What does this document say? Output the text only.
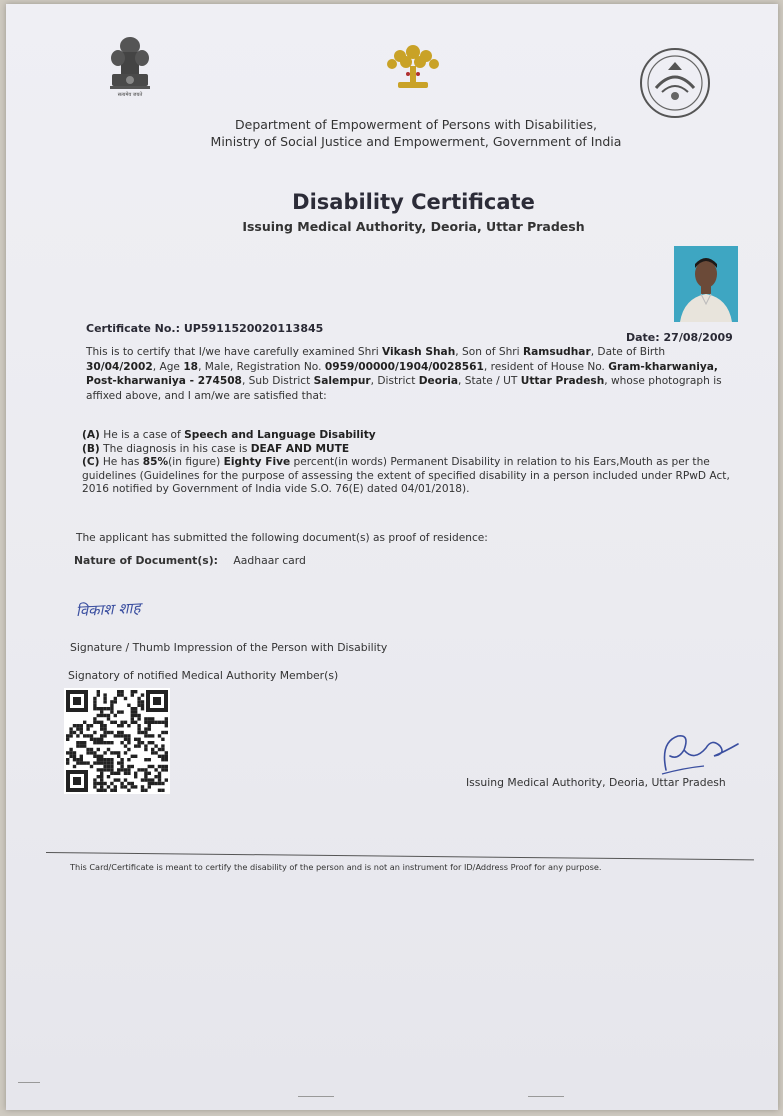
सत्यमेव जयते
Department of Empowerment of Persons with Disabilities,
Ministry of Social Justice and Empowerment, Government of India
Disability Certificate
Issuing Medical Authority, Deoria, Uttar Pradesh
Certificate No.: UP5911520020113845
Date: 27/08/2009
This is to certify that I/we have carefully examined Shri Vikash Shah, Son of Shri Ramsudhar, Date of Birth 30/04/2002, Age 18, Male, Registration No. 0959/00000/1904/0028561, resident of House No. Gram-kharwaniya, Post-kharwaniya - 274508, Sub District Salempur, District Deoria, State / UT Uttar Pradesh, whose photograph is affixed above, and I am/we are satisfied that:
(A) He is a case of Speech and Language Disability
(B) The diagnosis in his case is DEAF AND MUTE
(C) He has 85%(in figure) Eighty Five percent(in words) Permanent Disability in relation to his Ears,Mouth as per the guidelines (Guidelines for the purpose of assessing the extent of specified disability in a person included under RPwD Act, 2016 notified by Government of India vide S.O. 76(E) dated 04/01/2018).
The applicant has submitted the following document(s) as proof of residence:
Nature of Document(s): Aadhaar card
विकाश शाह
Signature / Thumb Impression of the Person with Disability
Signatory of notified Medical Authority Member(s)
Issuing Medical Authority, Deoria, Uttar Pradesh
This Card/Certificate is meant to certify the disability of the person and is not an instrument for ID/Address Proof for any purpose.
